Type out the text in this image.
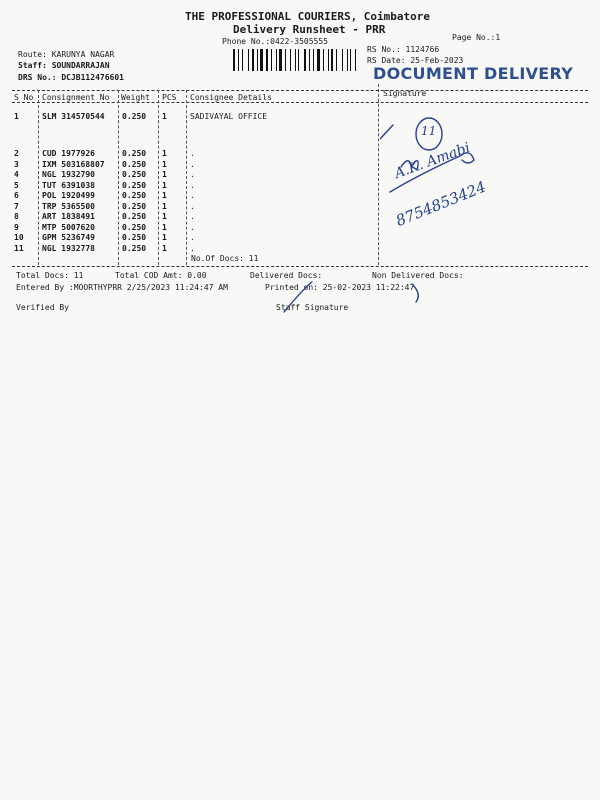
THE PROFESSIONAL COURIERS, Coimbatore
Delivery Runsheet - PRR
Phone No.:0422-3505555	Page No.:1
Route: KARUNYA NAGAR
Staff: SOUNDARRAJAN
DRS No.: DCJB112476601
RS No.: 1124766
RS Date: 25-Feb-2023
DOCUMENT DELIVERY
S No Consignment No Weight PCS Consignee Details	Signature
1	SLM 314570544 0.250 1	SADIVAYAL OFFICE
2	CUD 1977926	0.250 1	.
3	IXM 503168807 0.250 1	.
4	NGL 1932790	0.250 1	.
5	TUT 6391038	0.250 1	.
6	POL 1920499	0.250 1	.
7	TRP 5365500	0.250 1	.
8	ART 1838491	0.250 1	.
9	MTP 5007620	0.250 1	.
10 GPM 5236749	0.250 1	.
11 NGL 1932778	0.250 1	.
No.Of Docs: 11
Total Docs: 11	Total COD Amt: 0.00	Delivered Docs:	Non Delivered Docs:
Entered By :MOORTHYPRR 2/25/2023 11:24:47 AM	Printed on: 25-02-2023 11:22:47
Verified By	Staff Signature
11
A.K. Amabi
8754853424
